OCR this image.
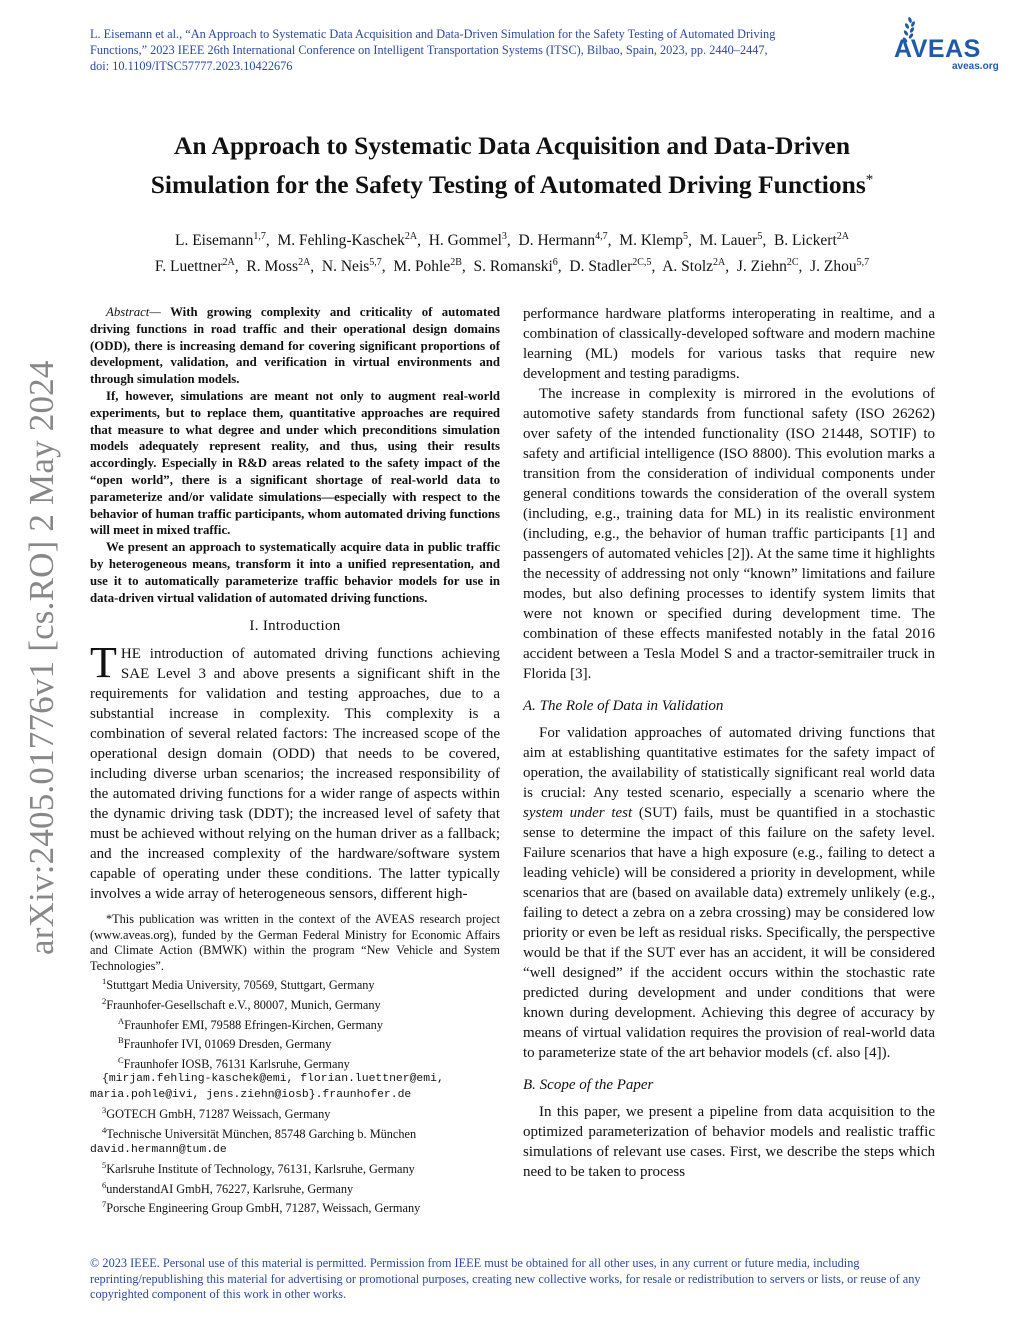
L. Eisemann et al., “An Approach to Systematic Data Acquisition and Data-Driven Simulation for the Safety Testing of Automated Driving Functions,” 2023 IEEE 26th International Conference on Intelligent Transportation Systems (ITSC), Bilbao, Spain, 2023, pp. 2440–2447, doi: 10.1109/ITSC57777.2023.10422676
AVEAS
aveas.org
An Approach to Systematic Data Acquisition and Data-Driven
Simulation for the Safety Testing of Automated Driving Functions*
L. Eisemann$^{1,7}$,  M. Fehling-Kaschek$^{2A}$,  H. Gommel$^3$,  D. Hermann$^{4,7}$,  M. Klemp$^5$,  M. Lauer$^5$,  B. Lickert$^{2A}$
F. Luettner$^{2A}$,  R. Moss$^{2A}$,  N. Neis$^{5,7}$,  M. Pohle$^{2B}$,  S. Romanski$^6$,  D. Stadler$^{2C,5}$,  A. Stolz$^{2A}$,  J. Ziehn$^{2C}$,  J. Zhou$^{5,7}$
arXiv:2405.01776v1 [cs.RO] 2 May 2024

Abstract— With growing complexity and criticality of automated driving functions in road traffic and their operational design domains (ODD), there is increasing demand for covering significant proportions of development, validation, and verification in virtual environments and through simulation models.

If, however, simulations are meant not only to augment real-world experiments, but to replace them, quantitative approaches are required that measure to what degree and under which preconditions simulation models adequately represent reality, and thus, using their results accordingly. Especially in R&D areas related to the safety impact of the “open world”, there is a significant shortage of real-world data to parameterize and/or validate simulations—especially with respect to the behavior of human traffic participants, whom automated driving functions will meet in mixed traffic.

We present an approach to systematically acquire data in public traffic by heterogeneous means, transform it into a unified representation, and use it to automatically parameterize traffic behavior models for use in data-driven virtual validation of automated driving functions.

I. Introduction

THE introduction of automated driving functions achieving SAE Level 3 and above presents a significant shift in the requirements for validation and testing approaches, due to a substantial increase in complexity. This complexity is a combination of several related factors: The increased scope of the operational design domain (ODD) that needs to be covered, including diverse urban scenarios; the increased responsibility of the automated driving functions for a wider range of aspects within the dynamic driving task (DDT); the increased level of safety that must be achieved without relying on the human driver as a fallback; and the increased complexity of the hardware/software system capable of operating under these conditions. The latter typically involves a wide array of heterogeneous sensors, different high-

*This publication was written in the context of the AVEAS research project (www.aveas.org), funded by the German Federal Ministry for Economic Affairs and Climate Action (BMWK) within the program “New Vehicle and System Technologies”.

$^1$Stuttgart Media University, 70569, Stuttgart, Germany

$^2$Fraunhofer-Gesellschaft e.V., 80007, Munich, Germany

$^A$Fraunhofer EMI, 79588 Efringen-Kirchen, Germany

$^B$Fraunhofer IVI, 01069 Dresden, Germany

$^C$Fraunhofer IOSB, 76131 Karlsruhe, Germany

{mirjam.fehling-kaschek@emi, florian.luettner@emi,

maria.pohle@ivi, jens.ziehn@iosb}.fraunhofer.de

$^3$GOTECH GmbH, 71287 Weissach, Germany

$^4$Technische Universität München, 85748 Garching b. München

david.hermann@tum.de

$^5$Karlsruhe Institute of Technology, 76131, Karlsruhe, Germany

$^6$understandAI GmbH, 76227, Karlsruhe, Germany

$^7$Porsche Engineering Group GmbH, 71287, Weissach, Germany

performance hardware platforms interoperating in realtime, and a combination of classically-developed software and modern machine learning (ML) models for various tasks that require new development and testing paradigms.

The increase in complexity is mirrored in the evolutions of automotive safety standards from functional safety (ISO 26262) over safety of the intended functionality (ISO 21448, SOTIF) to safety and artificial intelligence (ISO 8800). This evolution marks a transition from the consideration of individual components under general conditions towards the consideration of the overall system (including, e.g., training data for ML) in its realistic environment (including, e.g., the behavior of human traffic participants [1] and passengers of automated vehicles [2]). At the same time it highlights the necessity of addressing not only “known” limitations and failure modes, but also defining processes to identify system limits that were not known or specified during development time. The combination of these effects manifested notably in the fatal 2016 accident between a Tesla Model S and a tractor-semitrailer truck in Florida [3].

A. The Role of Data in Validation

For validation approaches of automated driving functions that aim at establishing quantitative estimates for the safety impact of operation, the availability of statistically significant real world data is crucial: Any tested scenario, especially a scenario where the system under test (SUT) fails, must be quantified in a stochastic sense to determine the impact of this failure on the safety level. Failure scenarios that have a high exposure (e.g., failing to detect a leading vehicle) will be considered a priority in development, while scenarios that are (based on available data) extremely unlikely (e.g., failing to detect a zebra on a zebra crossing) may be considered low priority or even be left as residual risks. Specifically, the perspective would be that if the SUT ever has an accident, it will be considered “well designed” if the accident occurs within the stochastic rate predicted during development and under conditions that were known during development. Achieving this degree of accuracy by means of virtual validation requires the provision of real-world data to parameterize state of the art behavior models (cf. also [4]).

B. Scope of the Paper

In this paper, we present a pipeline from data acquisition to the optimized parameterization of behavior models and realistic traffic simulations of relevant use cases. First, we describe the steps which need to be taken to process

© 2023 IEEE. Personal use of this material is permitted. Permission from IEEE must be obtained for all other uses, in any current or future media, including reprinting/republishing this material for advertising or promotional purposes, creating new collective works, for resale or redistribution to servers or lists, or reuse of any copyrighted component of this work in other works.
